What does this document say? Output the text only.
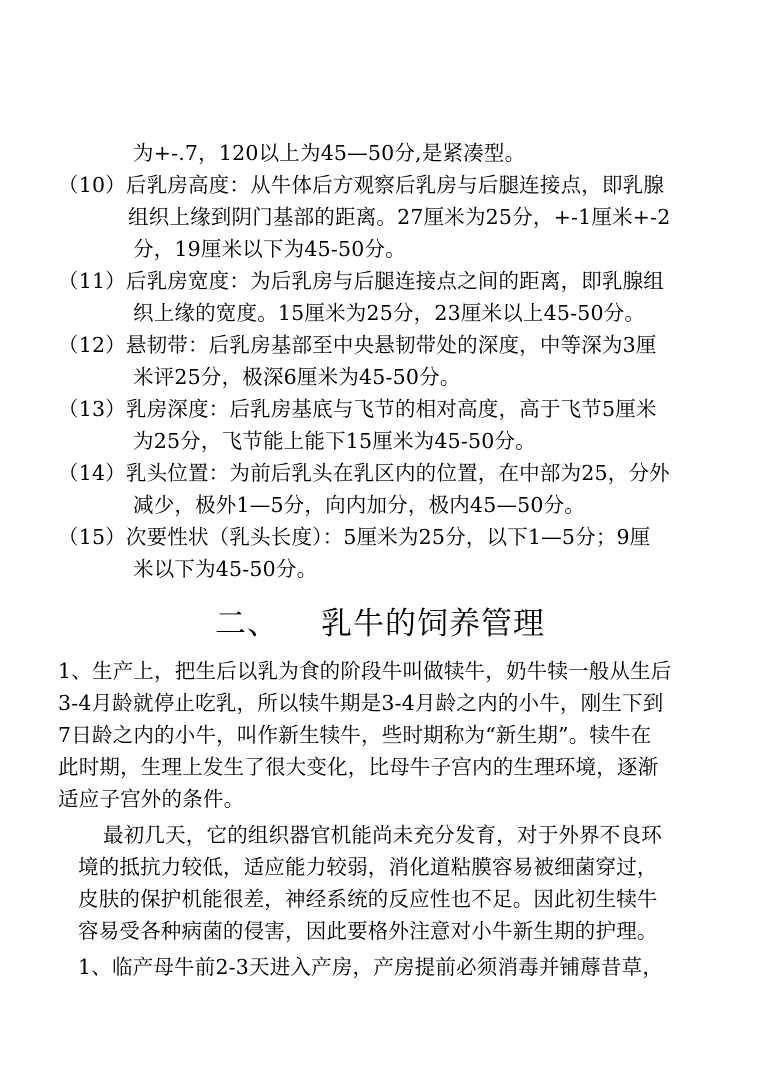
为+-.7，120以上为45—50分,是紧凑型。
（10）后乳房高度：从牛体后方观察后乳房与后腿连接点，即乳腺
组织上缘到阴门基部的距离。27厘米为25分，+-1厘米+-2
分，19厘米以下为45-50分。
（11）后乳房宽度：为后乳房与后腿连接点之间的距离，即乳腺组
织上缘的宽度。15厘米为25分，23厘米以上45-50分。
（12）悬韧带：后乳房基部至中央悬韧带处的深度，中等深为3厘
米评25分，极深6厘米为45-50分。
（13）乳房深度：后乳房基底与飞节的相对高度，高于飞节5厘米
为25分，飞节能上能下15厘米为45-50分。
（14）乳头位置：为前后乳头在乳区内的位置，在中部为25，分外
减少，极外1—5分，向内加分，极内45—50分。
（15）次要性状（乳头长度）：5厘米为25分，以下1—5分；9厘
米以下为45-50分。
二、 乳牛的饲养管理
1、生产上，把生后以乳为食的阶段牛叫做犊牛，奶牛犊一般从生后
3-4月龄就停止吃乳，所以犊牛期是3-4月龄之内的小牛，刚生下到
7日龄之内的小牛，叫作新生犊牛，些时期称为“新生期”。犊牛在
此时期，生理上发生了很大变化，比母牛子宫内的生理环境，逐渐
适应子宫外的条件。
最初几天，它的组织器官机能尚未充分发育，对于外界不良环
境的抵抗力较低，适应能力较弱，消化道粘膜容易被细菌穿过，
皮肤的保护机能很差，神经系统的反应性也不足。因此初生犊牛
容易受各种病菌的侵害，因此要格外注意对小牛新生期的护理。
1、临产母牛前2-3天进入产房，产房提前必须消毒并铺蓐昔草，
